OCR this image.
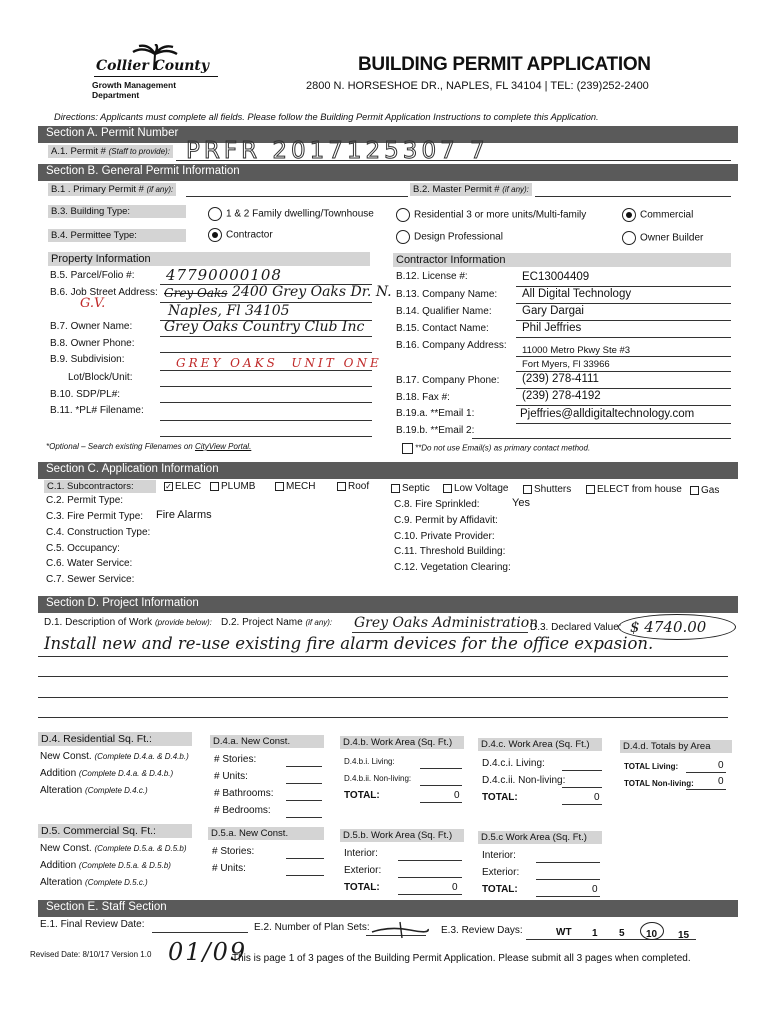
Collier County
Growth Management Department
BUILDING PERMIT APPLICATION
2800 N. HORSESHOE DR., NAPLES, FL 34104 | TEL: (239)252-2400
Directions: Applicants must complete all fields. Please follow the Building Permit Application Instructions to complete this Application.
Section A. Permit Number
A.1. Permit # (Staff to provide): PRFR 2017125307 7
Section B. General Permit Information
B.1 . Primary Permit # (if any):	B.2. Master Permit # (if any):
B.3. Building Type:
B.4. Permittee Type:
1 & 2 Family dwelling/Townhouse	Residential 3 or more units/Multi-family	Commercial
Contractor	Design Professional	Owner Builder
Property Information	Contractor Information
B.5. Parcel/Folio #: 47790000108
B.6. Job Street Address:
G.V.
Grey Oaks 2400 Grey Oaks Dr. N.
Naples, Fl 34105
B.7. Owner Name: Grey Oaks Country Club Inc
B.8. Owner Phone:
B.9. Subdivision:	GREY OAKS  UNIT ONE
Lot/Block/Unit:
B.10. SDP/PL#:
B.11. *PL# Filename:
*Optional – Search existing Filenames on CityView Portal.
B.12. License #:	EC13004409
B.13. Company Name: All Digital Technology
B.14. Qualifier Name:	Gary Dargai
B.15. Contact Name:	Phil Jeffries
B.16. Company Address: 11000 Metro Pkwy Ste #3
Fort Myers, Fl 33966
B.17. Company Phone: (239) 278-4111
B.18. Fax #:	(239) 278-4192
B.19.a. **Email 1:	Pjeffries@alldigitaltechnology.com
B.19.b. **Email 2:
**Do not use Email(s) as primary contact method.
Section C. Application Information
C.1. Subcontractors:	✓ ELEC	PLUMB	MECH	Roof	Septic	Low Voltage	Shutters	ELECT from house	Gas
C.2. Permit Type:
C.3. Fire Permit Type: Fire Alarms
C.4. Construction Type:
C.5. Occupancy:
C.6. Water Service:
C.7. Sewer Service:
C.8. Fire Sprinkled:	Yes
C.9. Permit by Affidavit:
C.10. Private Provider:
C.11. Threshold Building:
C.12. Vegetation Clearing:
Section D. Project Information
D.1. Description of Work (provide below): D.2. Project Name (if any): Grey Oaks Administration
D.3. Declared Value: $ 4740.00
Install new and re-use existing fire alarm devices for the office expasion.
D.4. Residential Sq. Ft.:
New Const. (Complete D.4.a. & D.4.b.)
Addition (Complete D.4.a. & D.4.b.)
Alteration (Complete D.4.c.)
D.4.a. New Const.
# Stories:
# Units:
# Bathrooms:
# Bedrooms:
D.4.b. Work Area (Sq. Ft.)
D.4.b.i. Living:
D.4.b.ii. Non-living:
TOTAL:	0
D.4.c. Work Area (Sq. Ft.)
D.4.c.i. Living:
D.4.c.ii. Non-living:
TOTAL:	0
D.4.d. Totals by Area
TOTAL Living:	0
TOTAL Non-living: 0
D.5. Commercial Sq. Ft.:
New Const. (Complete D.5.a. & D.5.b)
Addition (Complete D.5.a. & D.5.b)
Alteration (Complete D.5.c.)
D.5.a. New Const.
# Stories:
# Units:
D.5.b. Work Area (Sq. Ft.)
Interior:
Exterior:
TOTAL:	0
D.5.c Work Area (Sq. Ft.)
Interior:
Exterior:
TOTAL:	0
Section E. Staff Section
E.1. Final Review Date:	E.2. Number of Plan Sets:	E.3. Review Days:	WT 1 5 10 15
Revised Date: 8/10/17 Version 1.0 01/09
This is page 1 of 3 pages of the Building Permit Application. Please submit all 3 pages when completed.
